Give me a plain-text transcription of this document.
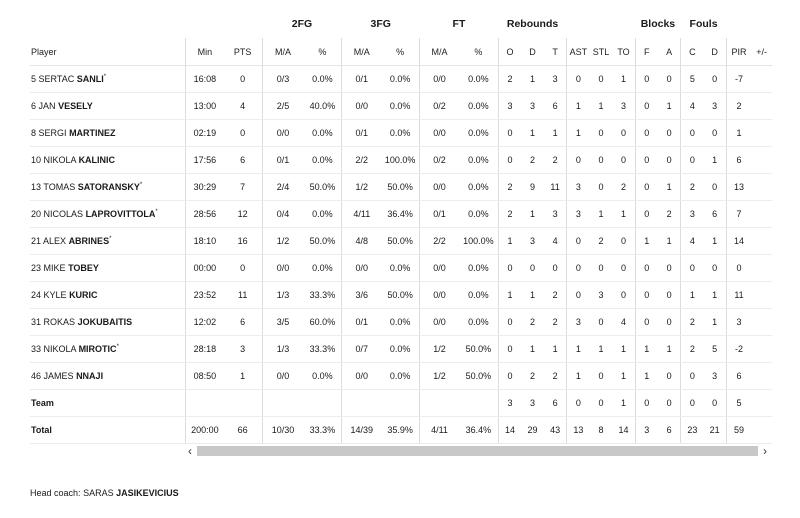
			2FG		3FG		FT		Rebounds						Blocks		Fouls			
Player	Min	PTS	M/A	%	M/A	%	M/A	%	O	D	T	AST	STL	TO	F	A	C	D	PIR	+/-
5 SERTAC SANLI*	16:08	0	0/3	0.0%	0/1	0.0%	0/0	0.0%	2	1	3	0	0	1	0	0	5	0	-7	
6 JAN VESELY	13:00	4	2/5	40.0%	0/0	0.0%	0/2	0.0%	3	3	6	1	1	3	0	1	4	3	2	
8 SERGI MARTINEZ	02:19	0	0/0	0.0%	0/1	0.0%	0/0	0.0%	0	1	1	1	0	0	0	0	0	0	1	
10 NIKOLA KALINIC	17:56	6	0/1	0.0%	2/2	100.0%	0/2	0.0%	0	2	2	0	0	0	0	0	0	1	6	
13 TOMAS SATORANSKY*	30:29	7	2/4	50.0%	1/2	50.0%	0/0	0.0%	2	9	11	3	0	2	0	1	2	0	13	
20 NICOLAS LAPROVITTOLA*	28:56	12	0/4	0.0%	4/11	36.4%	0/1	0.0%	2	1	3	3	1	1	0	2	3	6	7	
21 ALEX ABRINES*	18:10	16	1/2	50.0%	4/8	50.0%	2/2	100.0%	1	3	4	0	2	0	1	1	4	1	14	
23 MIKE TOBEY	00:00	0	0/0	0.0%	0/0	0.0%	0/0	0.0%	0	0	0	0	0	0	0	0	0	0	0	
24 KYLE KURIC	23:52	11	1/3	33.3%	3/6	50.0%	0/0	0.0%	1	1	2	0	3	0	0	0	1	1	11	
31 ROKAS JOKUBAITIS	12:02	6	3/5	60.0%	0/1	0.0%	0/0	0.0%	0	2	2	3	0	4	0	0	2	1	3	
33 NIKOLA MIROTIC*	28:18	3	1/3	33.3%	0/7	0.0%	1/2	50.0%	0	1	1	1	1	1	1	1	2	5	-2	
46 JAMES NNAJI	08:50	1	0/0	0.0%	0/0	0.0%	1/2	50.0%	0	2	2	1	0	1	1	0	0	3	6	
Team									3	3	6	0	0	1	0	0	0	0	5	
Total	200:00	66	10/30	33.3%	14/39	35.9%	4/11	36.4%	14	29	43	13	8	14	3	6	23	21	59	
‹	›
Head coach: SARAS JASIKEVICIUS
